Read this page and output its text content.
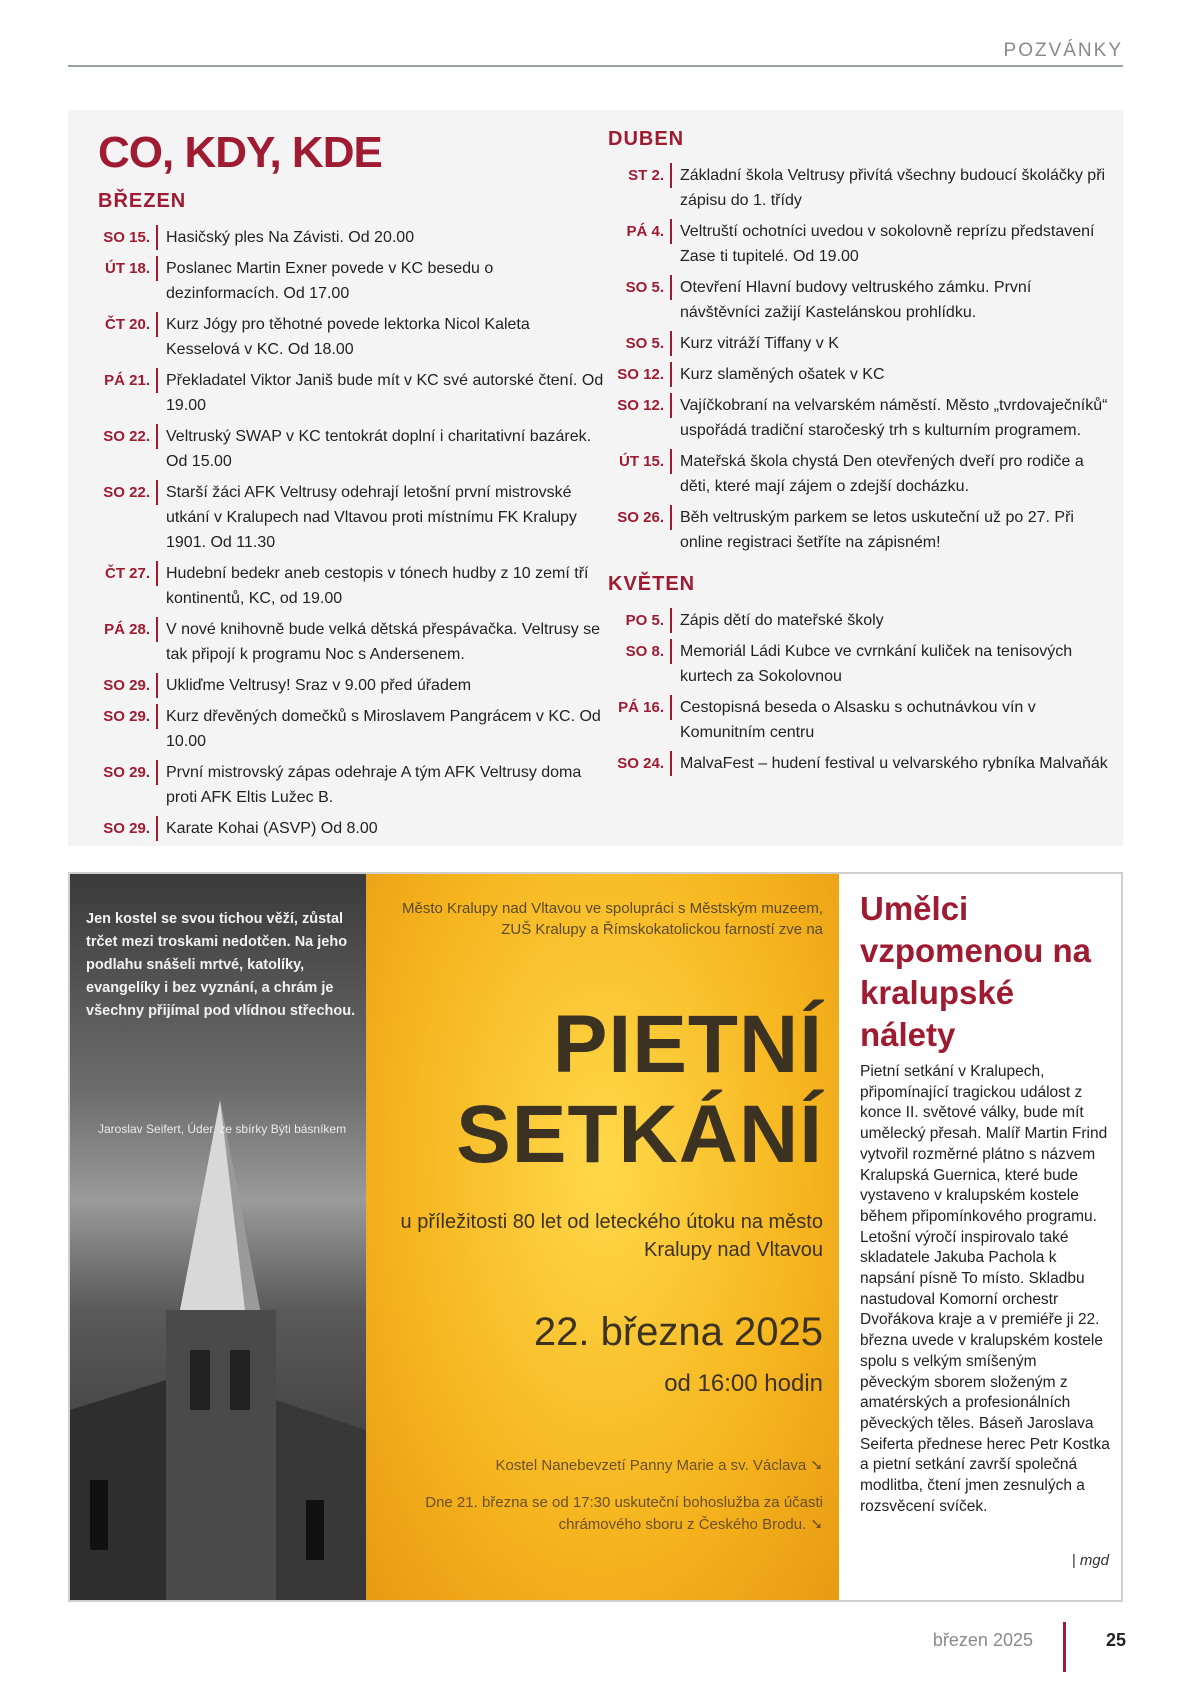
POZVÁNKY
CO, KDY, KDE
BŘEZEN
SO 15.	Hasičský ples Na Závisti. Od 20.00
ÚT 18.	Poslanec Martin Exner povede v KC besedu o dezinformacích. Od 17.00
ČT 20.	Kurz Jógy pro těhotné povede lektorka Nicol Kaleta Kesselová v KC. Od 18.00
PÁ 21.	Překladatel Viktor Janiš bude mít v KC své autorské čtení. Od 19.00
SO 22.	Veltruský SWAP v KC tentokrát doplní i charitativní bazárek. Od 15.00
SO 22.	Starší žáci AFK Veltrusy odehrají letošní první mistrovské utkání v Kralupech nad Vltavou proti místnímu FK Kralupy 1901. Od 11.30
ČT 27.	Hudební bedekr aneb cestopis v tónech hudby z 10 zemí tří kontinentů, KC, od 19.00
PÁ 28.	V nové knihovně bude velká dětská přespávačka. Veltrusy se tak připojí k programu Noc s Andersenem.
SO 29.	Ukliďme Veltrusy! Sraz v 9.00 před úřadem
SO 29.	Kurz dřevěných domečků s Miroslavem Pangrácem v KC. Od 10.00
SO 29.	První mistrovský zápas odehraje A tým AFK Veltrusy doma proti AFK Eltis Lužec B.
SO 29.	Karate Kohai (ASVP) Od 8.00
DUBEN
ST 2.	Základní škola Veltrusy přivítá všechny budoucí školáčky při zápisu do 1. třídy
PÁ 4.	Veltruští ochotníci uvedou v sokolovně reprízu představení Zase ti tupitelé. Od 19.00
SO 5.	Otevření Hlavní budovy veltruského zámku. První návštěvníci zažijí Kastelánskou prohlídku.
SO 5.	Kurz vitráží Tiffany v K
SO 12.	Kurz slaměných ošatek v KC
SO 12.	Vajíčkobraní na velvarském náměstí. Město „tvrdovaječníků“ uspořádá tradiční staročeský trh s kulturním programem.
ÚT 15.	Mateřská škola chystá Den otevřených dveří pro rodiče a děti, které mají zájem o zdejší docházku.
SO 26.	Běh veltruským parkem se letos uskuteční už po 27. Při online registraci šetříte na zápisném!
KVĚTEN
PO 5.	Zápis dětí do mateřské školy
SO 8.	Memoriál Ládi Kubce ve cvrnkání kuliček na tenisových kurtech za Sokolovnou
PÁ 16.	Cestopisná beseda o Alsasku s ochutnávkou vín v Komunitním centru
SO 24.	MalvaFest – hudení festival u velvarského rybníka Malvaňák
Jen kostel se svou tichou věží, zůstal trčet mezi troskami nedotčen. Na jeho podlahu snášeli mrtvé, katolíky, evangelíky i bez vyznání, a chrám je všechny přijímal pod vlídnou střechou.
Jaroslav Seifert, Úder, ze sbírky Býti básníkem
Město Kralupy nad Vltavou ve spolupráci s Městským muzeem, ZUŠ Kralupy a Římskokatolickou farností zve na
PIETNÍ
SETKÁNÍ
u příležitosti 80 let od leteckého útoku na město Kralupy nad Vltavou
22. března 2025
od 16:00 hodin
Kostel Nanebevzetí Panny Marie a sv. Václava ➘
Dne 21. března se od 17:30 uskuteční bohoslužba za účasti chrámového sboru z Českého Brodu. ➘
Umělci vzpomenou na kralupské nálety

Pietní setkání v Kralupech, připomínající tragickou událost z konce II. světové války, bude mít umělecký přesah. Malíř Martin Frind vytvořil rozměrné plátno s názvem Kralupská Guernica, které bude vystaveno v kralupském kostele během připomínkového programu. Letošní výročí inspirovalo také skladatele Jakuba Pachola k napsání písně To místo. Skladbu nastudoval Komorní orchestr Dvořákova kraje a v premiéře ji 22. března uvede v kralupském kostele spolu s velkým smíšeným pěveckým sborem složeným z amatérských a profesionálních pěveckých těles. Báseň Jaroslava Seiferta přednese herec Petr Kostka a pietní setkání završí společná modlitba, čtení jmen zesnulých a rozsvěcení svíček.

| mgd
březen 2025	25
